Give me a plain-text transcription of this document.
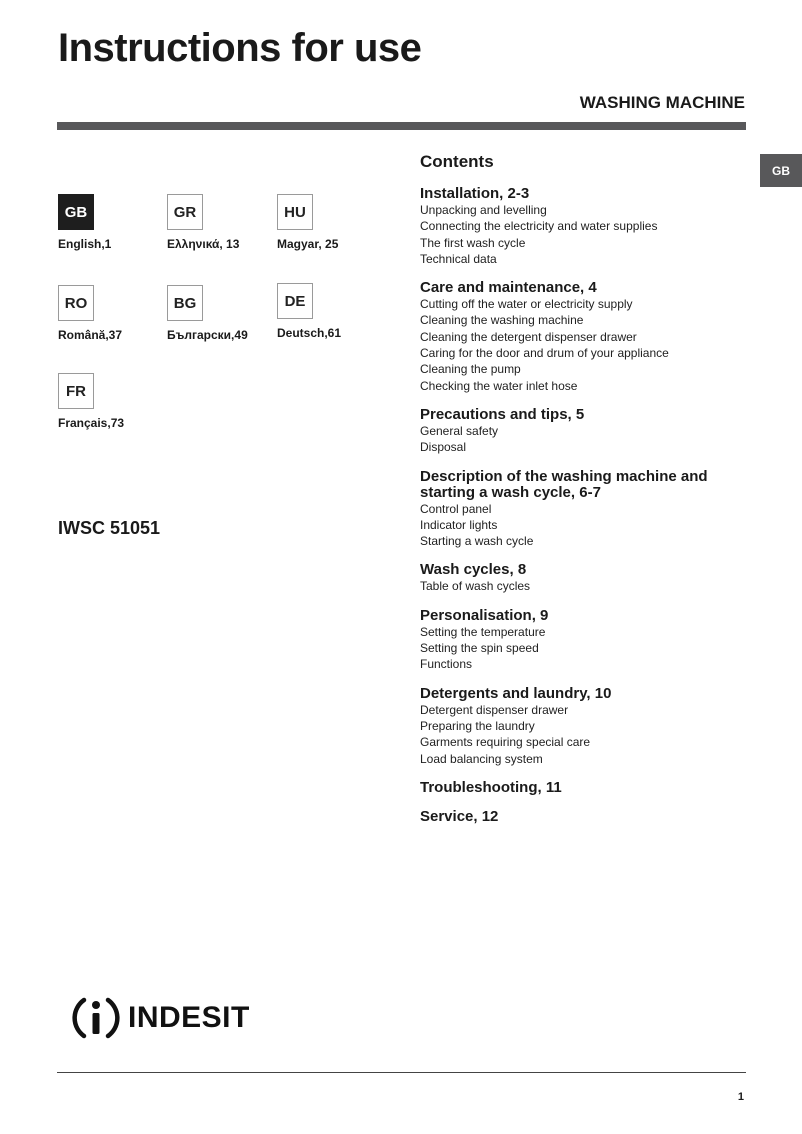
Instructions for use
WASHING MACHINE
GB
GB
English,1
GR
Ελληνικά, 13
HU
Magyar, 25
RO
Română,37
BG
Български,49
DE
Deutsch,61
FR
Français,73
IWSC 51051
Contents
Installation, 2-3
Unpacking and levelling
Connecting the electricity and water supplies
The first wash cycle
Technical data
Care and maintenance, 4
Cutting off the water or electricity supply
Cleaning the washing machine
Cleaning the detergent dispenser drawer
Caring for the door and drum of your appliance
Cleaning the pump
Checking the water inlet hose
Precautions and tips, 5
General safety
Disposal
Description of the washing machine and starting a wash cycle, 6-7
Control panel
Indicator lights
Starting a wash cycle
Wash cycles, 8
Table of wash cycles
Personalisation, 9
Setting the temperature
Setting the spin speed
Functions
Detergents and laundry, 10
Detergent dispenser drawer
Preparing the laundry
Garments requiring special care
Load balancing system
Troubleshooting, 11
Service, 12
INDESIT
1
